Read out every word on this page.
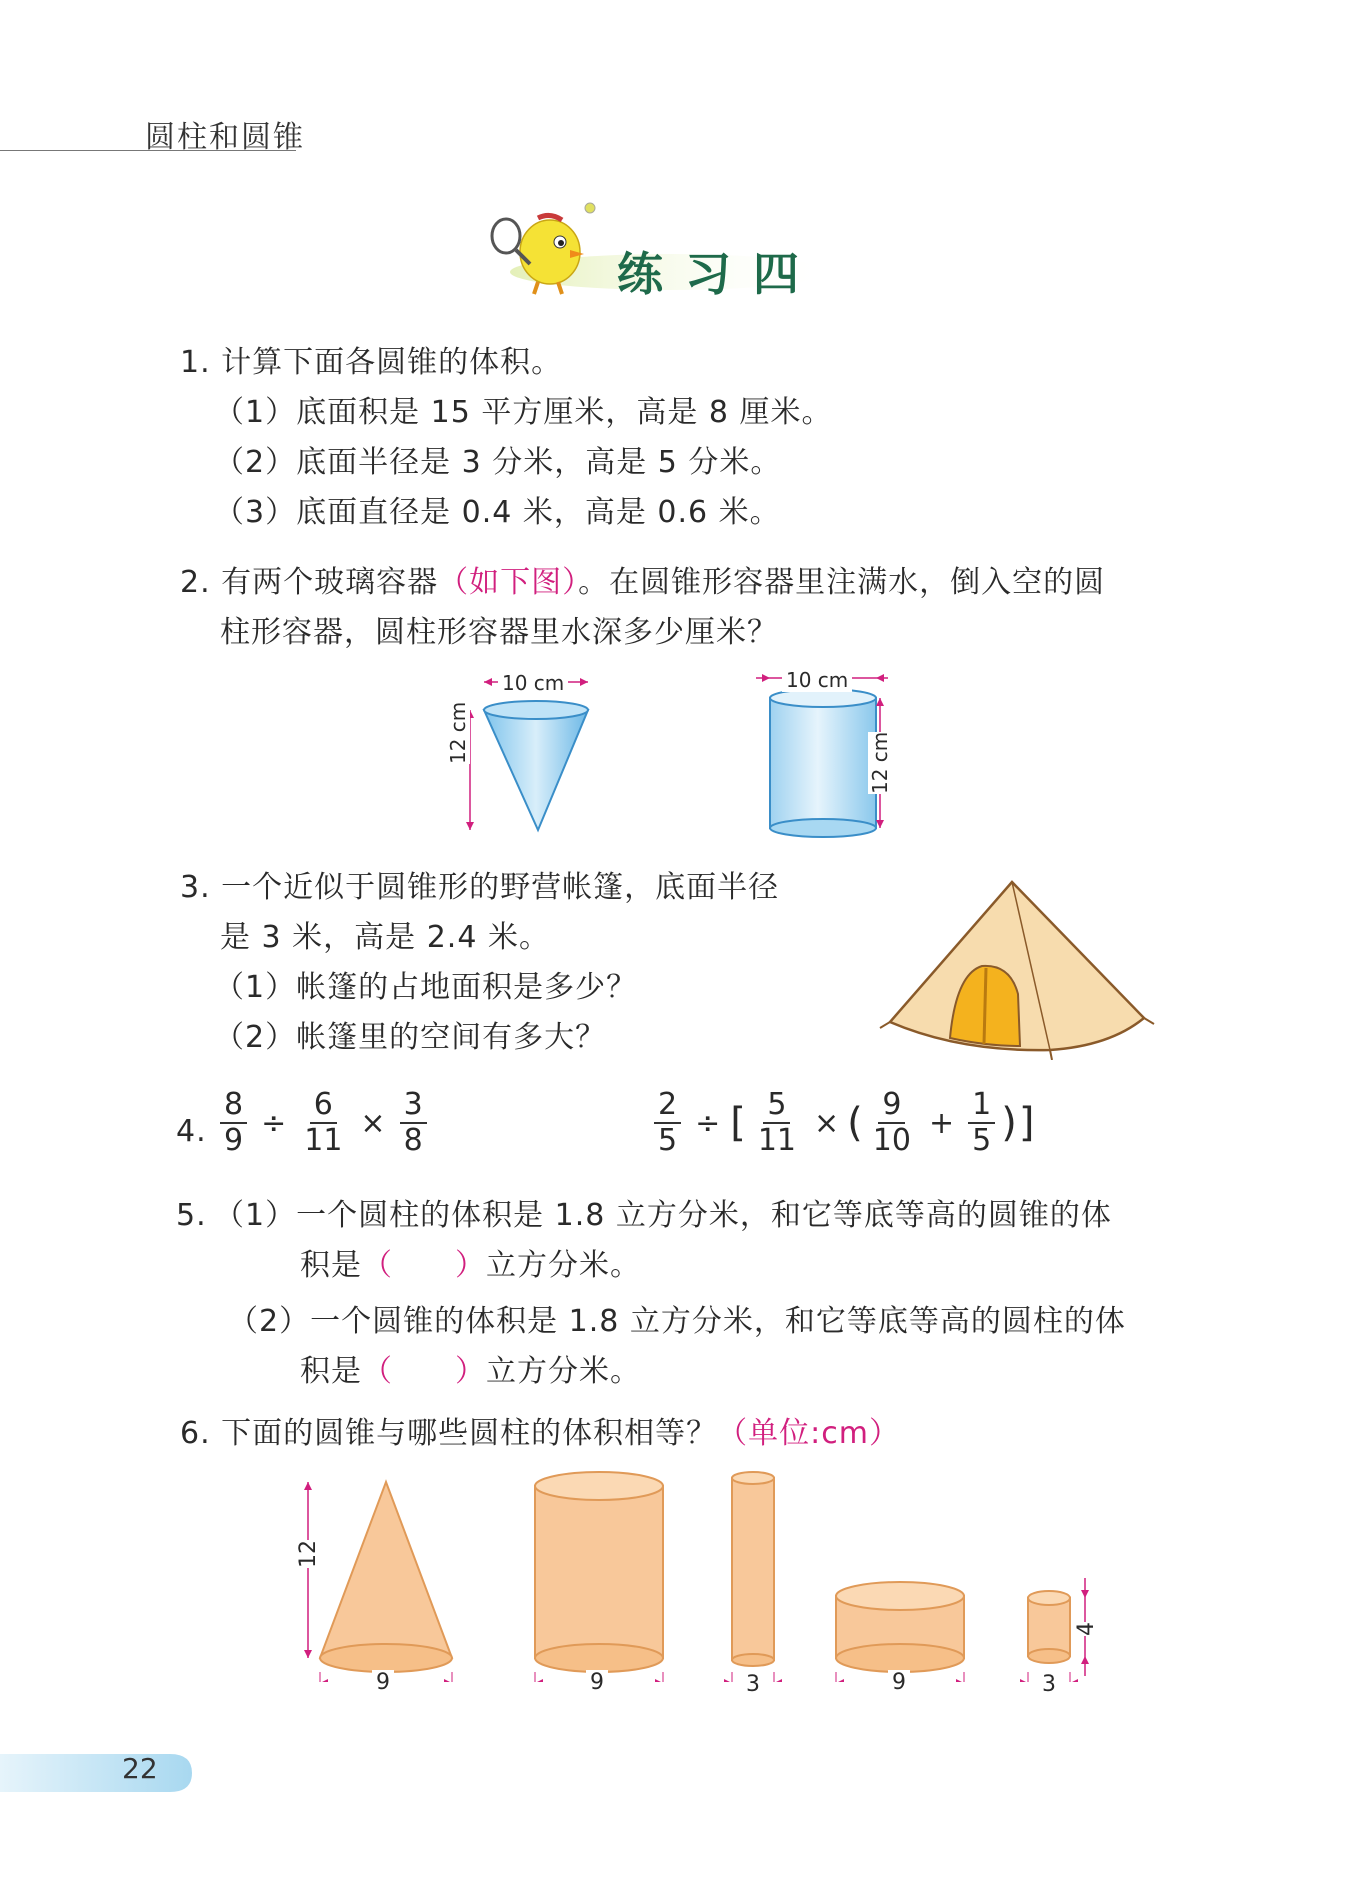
圆柱和圆锥
练习四
1. 计算下面各圆锥的体积。
（1）底面积是 15 平方厘米，高是 8 厘米。
（2）底面半径是 3 分米，高是 5 分米。
（3）底面直径是 0.4 米，高是 0.6 米。
2. 有两个玻璃容器（如下图）。在圆锥形容器里注满水，倒入空的圆
柱形容器，圆柱形容器里水深多少厘米？
10 cm
12 cm
10 cm
12 cm
3. 一个近似于圆锥形的野营帐篷，底面半径
是 3 米，高是 2.4 米。
（1）帐篷的占地面积是多少？
（2）帐篷里的空间有多大？
4. $\frac{8}{9} \div \frac{6}{11} \times \frac{3}{8}$	$\frac{2}{5}$ ÷ [ $\frac{5}{11}$ × ( $\frac{9}{10} + \frac{1}{5}$ ) ]
5. （1）一个圆柱的体积是 1.8 立方分米，和它等底等高的圆锥的体
积是（　　）立方分米。
（2）一个圆锥的体积是 1.8 立方分米，和它等底等高的圆柱的体
积是（　　）立方分米。
6. 下面的圆锥与哪些圆柱的体积相等？（单位:cm）
12
9	9	3	9	3
4
22
